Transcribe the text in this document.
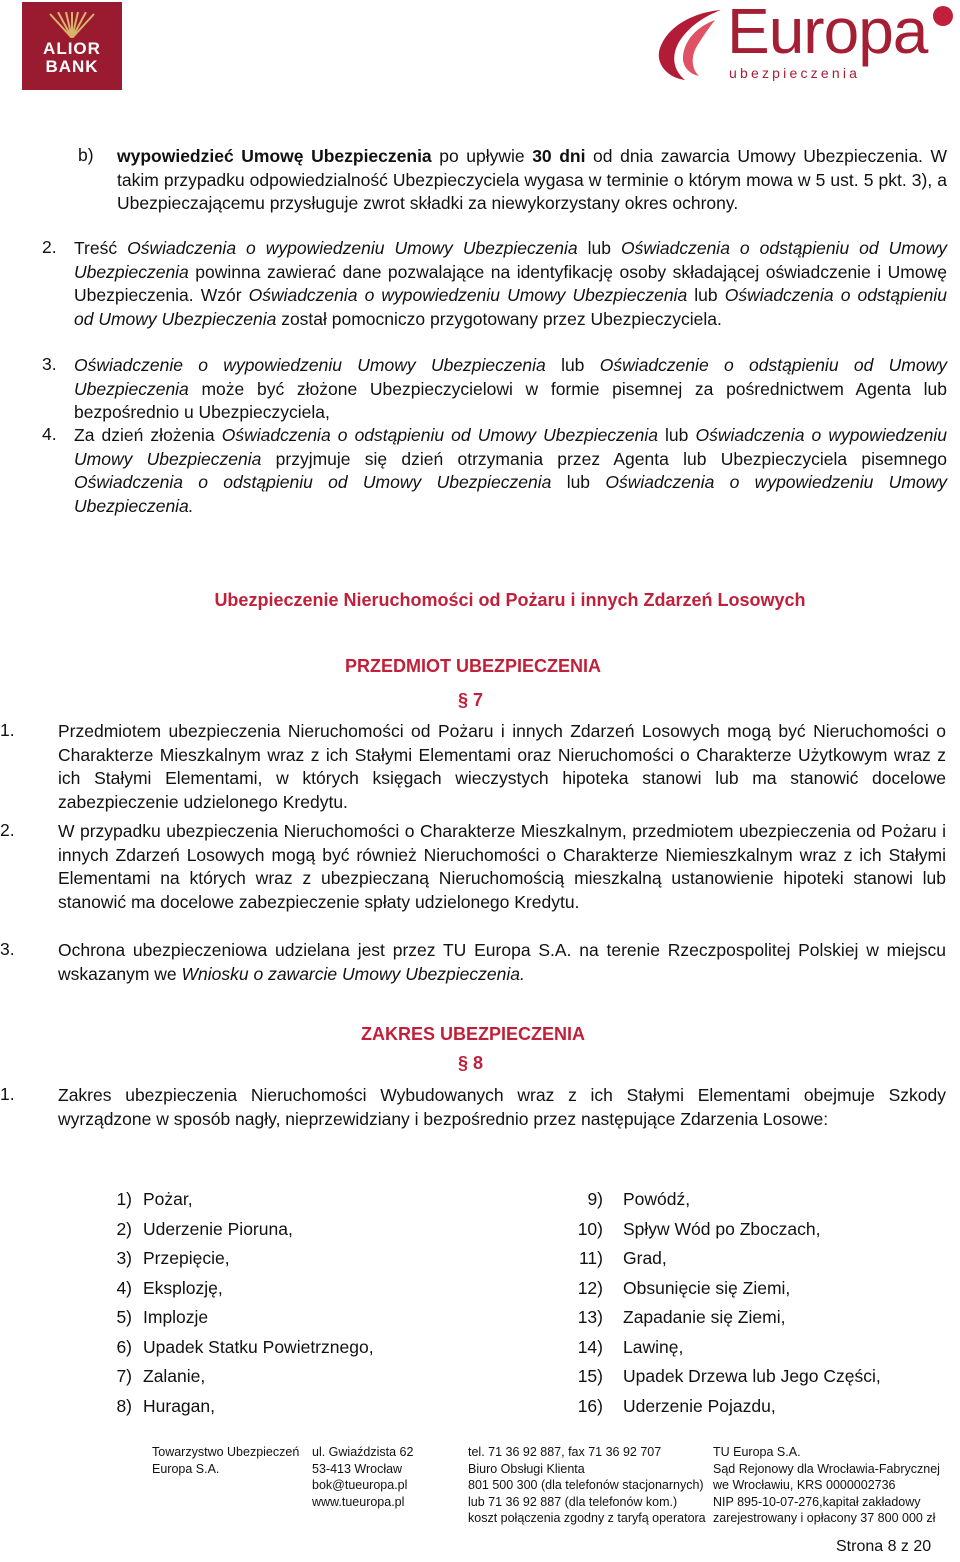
ALIOR
BANK	Europa
ubezpieczenia
b) wypowiedzieć Umowę Ubezpieczenia po upływie 30 dni od dnia zawarcia Umowy Ubezpieczenia. W takim przypadku odpowiedzialność Ubezpieczyciela wygasa w terminie o którym mowa w 5 ust. 5 pkt. 3), a Ubezpieczającemu przysługuje zwrot składki za niewykorzystany okres ochrony.
2. Treść Oświadczenia o wypowiedzeniu Umowy Ubezpieczenia lub Oświadczenia o odstąpieniu od Umowy Ubezpieczenia powinna zawierać dane pozwalające na identyfikację osoby składającej oświadczenie i Umowę Ubezpieczenia. Wzór Oświadczenia o wypowiedzeniu Umowy Ubezpieczenia lub Oświadczenia o odstąpieniu od Umowy Ubezpieczenia został pomocniczo przygotowany przez Ubezpieczyciela.
3. Oświadczenie o wypowiedzeniu Umowy Ubezpieczenia lub Oświadczenie o odstąpieniu od Umowy Ubezpieczenia może być złożone Ubezpieczycielowi w formie pisemnej za pośrednictwem Agenta lub bezpośrednio u Ubezpieczyciela,
4. Za dzień złożenia Oświadczenia o odstąpieniu od Umowy Ubezpieczenia lub Oświadczenia o wypowiedzeniu Umowy Ubezpieczenia przyjmuje się dzień otrzymania przez Agenta lub Ubezpieczyciela pisemnego Oświadczenia o odstąpieniu od Umowy Ubezpieczenia lub Oświadczenia o wypowiedzeniu Umowy Ubezpieczenia.
Ubezpieczenie Nieruchomości od Pożaru i innych Zdarzeń Losowych
PRZEDMIOT UBEZPIECZENIA
§ 7
1. Przedmiotem ubezpieczenia Nieruchomości od Pożaru i innych Zdarzeń Losowych mogą być Nieruchomości o Charakterze Mieszkalnym wraz z ich Stałymi Elementami oraz Nieruchomości o Charakterze Użytkowym wraz z ich Stałymi Elementami, w których księgach wieczystych hipoteka stanowi lub ma stanowić docelowe zabezpieczenie udzielonego Kredytu.
2. W przypadku ubezpieczenia Nieruchomości o Charakterze Mieszkalnym, przedmiotem ubezpieczenia od Pożaru i innych Zdarzeń Losowych mogą być również Nieruchomości o Charakterze Niemieszkalnym wraz z ich Stałymi Elementami na których wraz z ubezpieczaną Nieruchomością mieszkalną ustanowienie hipoteki stanowi lub stanowić ma docelowe zabezpieczenie spłaty udzielonego Kredytu.
3. Ochrona ubezpieczeniowa udzielana jest przez TU Europa S.A. na terenie Rzeczpospolitej Polskiej w miejscu wskazanym we Wniosku o zawarcie Umowy Ubezpieczenia.
ZAKRES UBEZPIECZENIA
§ 8
1. Zakres ubezpieczenia Nieruchomości Wybudowanych wraz z ich Stałymi Elementami obejmuje Szkody wyrządzone w sposób nagły, nieprzewidziany i bezpośrednio przez następujące Zdarzenia Losowe:
1) Pożar,
2) Uderzenie Pioruna,
3) Przepięcie,
4) Eksplozję,
5) Implozje
6) Upadek Statku Powietrznego,
7) Zalanie,
8) Huragan,
9) Powódź,
10) Spływ Wód po Zboczach,
11) Grad,
12) Obsunięcie się Ziemi,
13) Zapadanie się Ziemi,
14) Lawinę,
15) Upadek Drzewa lub Jego Części,
16) Uderzenie Pojazdu,
Towarzystwo Ubezpieczeń
Europa S.A.
ul. Gwiaździsta 62
53-413 Wrocław
bok@tueuropa.pl
www.tueuropa.pl
tel. 71 36 92 887, fax 71 36 92 707
Biuro Obsługi Klienta
801 500 300 (dla telefonów stacjonarnych)
lub 71 36 92 887 (dla telefonów kom.)
koszt połączenia zgodny z taryfą operatora
TU Europa S.A.
Sąd Rejonowy dla Wrocławia-Fabrycznej
we Wrocławiu, KRS 0000002736
NIP 895-10-07-276,kapitał zakładowy
zarejestrowany i opłacony 37 800 000 zł
Strona 8 z 20
